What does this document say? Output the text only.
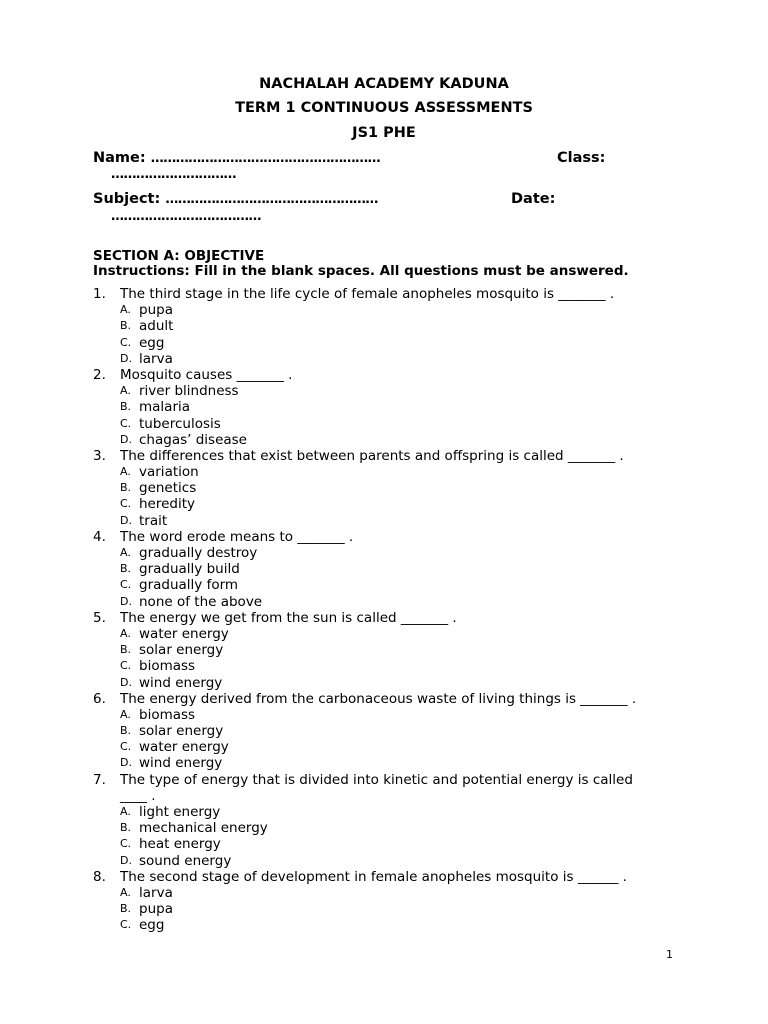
NACHALAH ACADEMY KADUNA
TERM 1 CONTINUOUS ASSESSMENTS
JS1 PHE
Name: ………………………………….……………	Class:
…………………………
Subject: ……………………………………………	Date:
………………………………
SECTION A: OBJECTIVE
Instructions: Fill in the blank spaces. All questions must be answered.
1. The third stage in the life cycle of female anopheles mosquito is _______ .
A. pupa
B. adult
C. egg
D. larva
2. Mosquito causes _______ .
A. river blindness
B. malaria
C. tuberculosis
D. chagas’ disease
3. The differences that exist between parents and offspring is called _______ .
A. variation
B. genetics
C. heredity
D. trait
4. The word erode means to _______ .
A. gradually destroy
B. gradually build
C. gradually form
D. none of the above
5. The energy we get from the sun is called _______ .
A. water energy
B. solar energy
C. biomass
D. wind energy
6. The energy derived from the carbonaceous waste of living things is _______ .
A. biomass
B. solar energy
C. water energy
D. wind energy
7. The type of energy that is divided into kinetic and potential energy is called
____ .
A. light energy
B. mechanical energy
C. heat energy
D. sound energy
8. The second stage of development in female anopheles mosquito is ______ .
A. larva
B. pupa
C. egg
1
